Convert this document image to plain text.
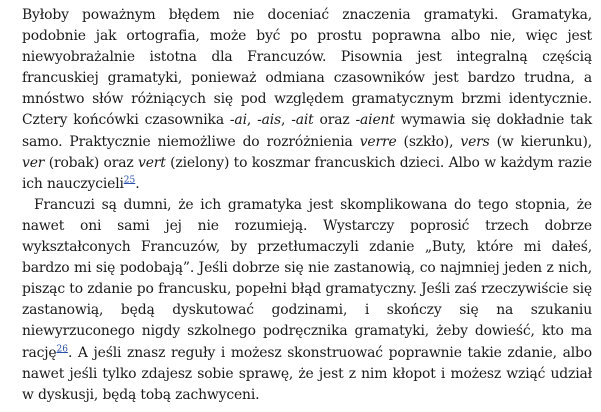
Byłoby poważnym błędem nie doceniać znaczenia gramatyki. Gramatyka, podobnie jak ortografia, może być po prostu poprawna albo nie, więc jest niewyobrażalnie istotna dla Francuzów. Pisownia jest integralną częścią francuskiej gramatyki, ponieważ odmiana czasowników jest bardzo trudna, a mnóstwo słów różniących się pod względem gramatycznym brzmi identycznie. Cztery końcówki czasownika -ai, -ais, -ait oraz -aient wymawia się dokładnie tak samo. Praktycznie niemożliwe do rozróżnienia verre (szkło), vers (w kierunku), ver (robak) oraz vert (zielony) to koszmar francuskich dzieci. Albo w każdym razie ich nauczycieli$^{25}$.

Francuzi są dumni, że ich gramatyka jest skomplikowana do tego stopnia, że nawet oni sami jej nie rozumieją. Wystarczy poprosić trzech dobrze wykształconych Francuzów, by przetłumaczyli zdanie „Buty, które mi dałeś, bardzo mi się podobają”. Jeśli dobrze się nie zastanowią, co najmniej jeden z nich, pisząc to zdanie po francusku, popełni błąd gramatyczny. Jeśli zaś rzeczywiście się zastanowią, będą dyskutować godzinami, i skończy się na szukaniu niewyrzuconego nigdy szkolnego podręcznika gramatyki, żeby dowieść, kto ma rację$^{26}$. A jeśli znasz reguły i możesz skonstruować poprawnie takie zdanie, albo nawet jeśli tylko zdajesz sobie sprawę, że jest z nim kłopot i możesz wziąć udział w dyskusji, będą tobą zachwyceni.
